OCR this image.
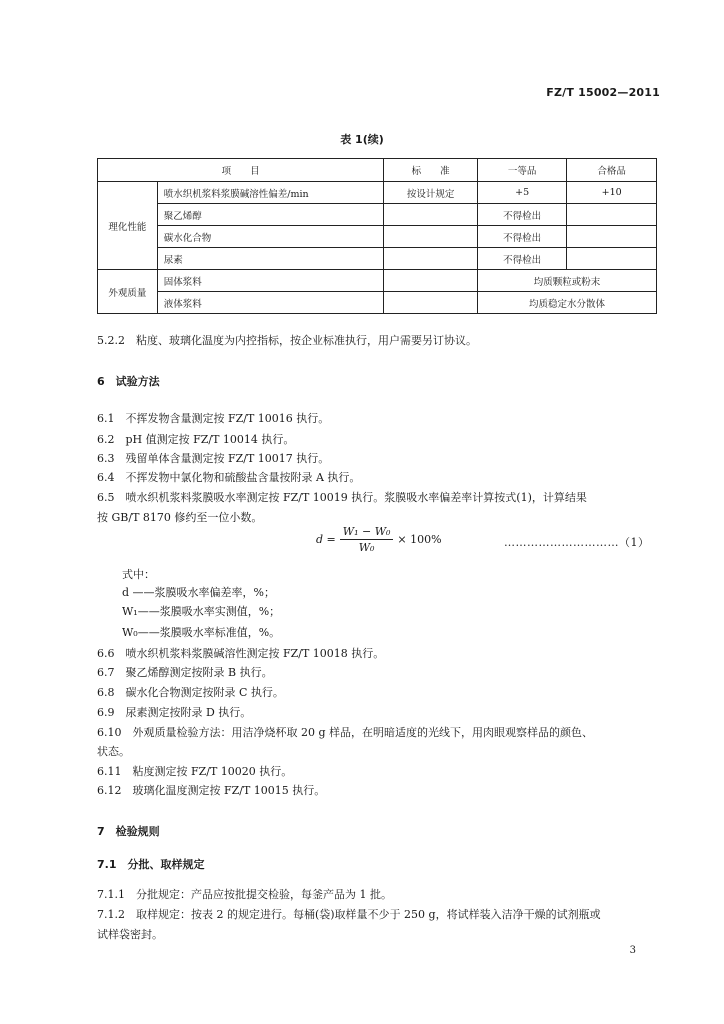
FZ/T 15002—2011
表 1(续)
项　　目		标　　准	一等品	合格品
理化性能	喷水织机浆料浆膜碱溶性偏差/min	按设计规定	+5	+10
	聚乙烯醇		不得检出	
	碳水化合物		不得检出	
	尿素		不得检出	
外观质量	固体浆料		均质颗粒或粉末	
	液体浆料		均质稳定水分散体	
5.2.2　粘度、玻璃化温度为内控指标，按企业标准执行，用户需要另订协议。
6　试验方法
6.1　不挥发物含量测定按 FZ/T 10016 执行。
6.2　pH 值测定按 FZ/T 10014 执行。
6.3　残留单体含量测定按 FZ/T 10017 执行。
6.4　不挥发物中氯化物和硫酸盐含量按附录 A 执行。
6.5　喷水织机浆料浆膜吸水率测定按 FZ/T 10019 执行。浆膜吸水率偏差率计算按式(1)，计算结果
按 GB/T 8170 修约至一位小数。
$d = \frac{\text{W₁ − W₀}}{\text{W₀}} \times 100\%$	…………………………（1）
式中：
d ——浆膜吸水率偏差率，%；
W₁——浆膜吸水率实测值，%；
W₀——浆膜吸水率标准值，%。
6.6　喷水织机浆料浆膜碱溶性测定按 FZ/T 10018 执行。
6.7　聚乙烯醇测定按附录 B 执行。
6.8　碳水化合物测定按附录 C 执行。
6.9　尿素测定按附录 D 执行。
6.10　外观质量检验方法：用洁净烧杯取 20 g 样品，在明暗适度的光线下，用肉眼观察样品的颜色、
状态。
6.11　粘度测定按 FZ/T 10020 执行。
6.12　玻璃化温度测定按 FZ/T 10015 执行。
7　检验规则
7.1　分批、取样规定
7.1.1　分批规定：产品应按批提交检验，每釜产品为 1 批。
7.1.2　取样规定：按表 2 的规定进行。每桶(袋)取样量不少于 250 g，将试样装入洁净干燥的试剂瓶或
试样袋密封。
3
